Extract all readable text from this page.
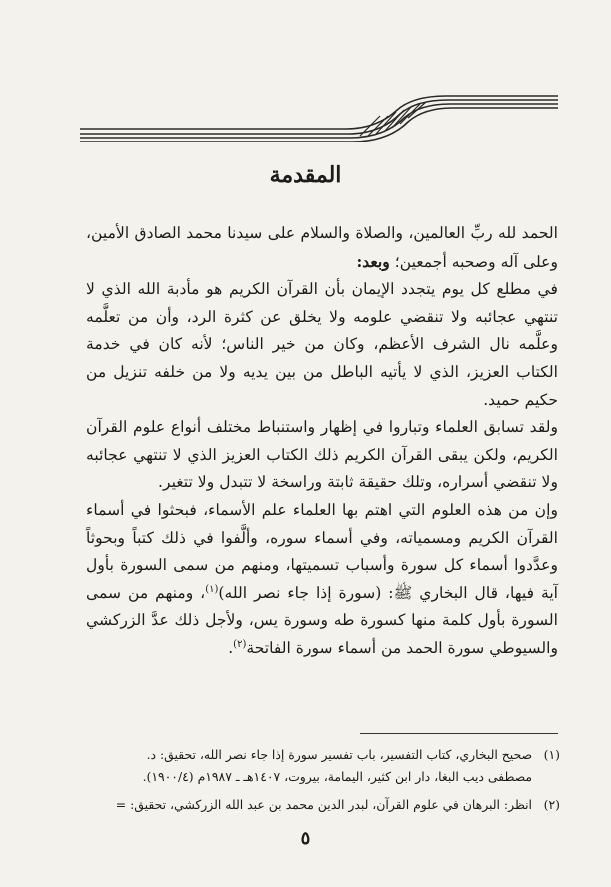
المقدمة

الحمد لله ربِّ العالمين، والصلاة والسلام على سيدنا محمد الصادق الأمين، وعلى آله وصحبه أجمعين؛ وبعد:

في مطلع كل يوم يتجدد الإيمان بأن القرآن الكريم هو مأدبة الله الذي لا تنتهي عجائبه ولا تنقضي علومه ولا يخلق عن كثرة الرد، وأن من تعلَّمه وعلَّمه نال الشرف الأعظم، وكان من خير الناس؛ لأنه كان في خدمة الكتاب العزيز، الذي لا يأتيه الباطل من بين يديه ولا من خلفه تنزيل من حكيم حميد.

ولقد تسابق العلماء وتباروا في إظهار واستنباط مختلف أنواع علوم القرآن الكريم، ولكن يبقى القرآن الكريم ذلك الكتاب العزيز الذي لا تنتهي عجائبه ولا تنقضي أسراره، وتلك حقيقة ثابتة وراسخة لا تتبدل ولا تتغير.

وإن من هذه العلوم التي اهتم بها العلماء علم الأسماء، فبحثوا في أسماء القرآن الكريم ومسمياته، وفي أسماء سوره، وألَّفوا في ذلك كتباً وبحوثاً وعدَّدوا أسماء كل سورة وأسباب تسميتها، ومنهم من سمى السورة بأول آية فيها، قال البخاري ﷺ: (سورة إذا جاء نصر الله)$^{(١)}$، ومنهم من سمى السورة بأول كلمة منها كسورة طه وسورة يس، ولأجل ذلك عدَّ الزركشي والسيوطي سورة الحمد من أسماء سورة الفاتحة$^{(٢)}$.

(١)صحيح البخاري، كتاب التفسير، باب تفسير سورة إذا جاء نصر الله، تحقيق: د.

مصطفى ديب البغا، دار ابن كثير، اليمامة، بيروت، ١٤٠٧هـ ـ ١٩٨٧م (١٩٠٠/٤).

(٢)انظر: البرهان في علوم القرآن، لبدر الدين محمد بن عبد الله الزركشي، تحقيق: =

٥
